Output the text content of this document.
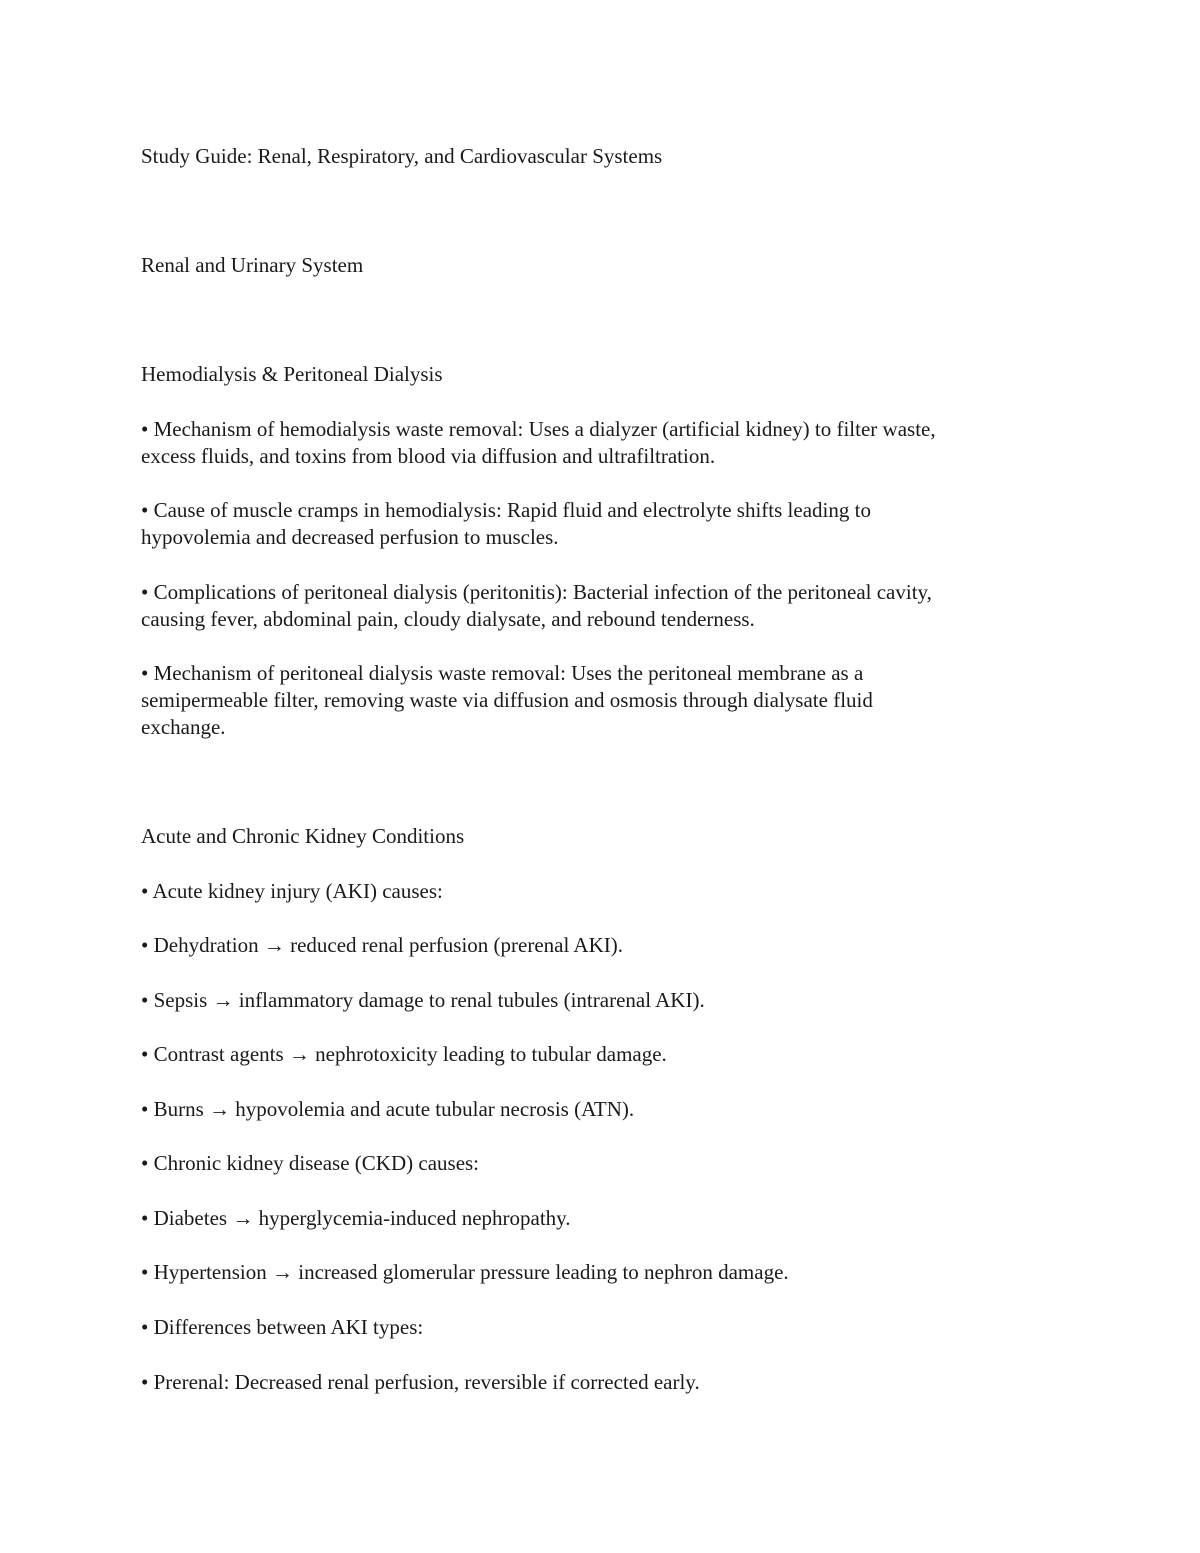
Study Guide: Renal, Respiratory, and Cardiovascular Systems

Renal and Urinary System

Hemodialysis & Peritoneal Dialysis

• Mechanism of hemodialysis waste removal: Uses a dialyzer (artificial kidney) to filter waste,

excess fluids, and toxins from blood via diffusion and ultrafiltration.

• Cause of muscle cramps in hemodialysis: Rapid fluid and electrolyte shifts leading to

hypovolemia and decreased perfusion to muscles.

• Complications of peritoneal dialysis (peritonitis): Bacterial infection of the peritoneal cavity,

causing fever, abdominal pain, cloudy dialysate, and rebound tenderness.

• Mechanism of peritoneal dialysis waste removal: Uses the peritoneal membrane as a

semipermeable filter, removing waste via diffusion and osmosis through dialysate fluid

exchange.

Acute and Chronic Kidney Conditions

• Acute kidney injury (AKI) causes:

• Dehydration → reduced renal perfusion (prerenal AKI).

• Sepsis → inflammatory damage to renal tubules (intrarenal AKI).

• Contrast agents → nephrotoxicity leading to tubular damage.

• Burns → hypovolemia and acute tubular necrosis (ATN).

• Chronic kidney disease (CKD) causes:

• Diabetes → hyperglycemia-induced nephropathy.

• Hypertension → increased glomerular pressure leading to nephron damage.

• Differences between AKI types:

• Prerenal: Decreased renal perfusion, reversible if corrected early.
